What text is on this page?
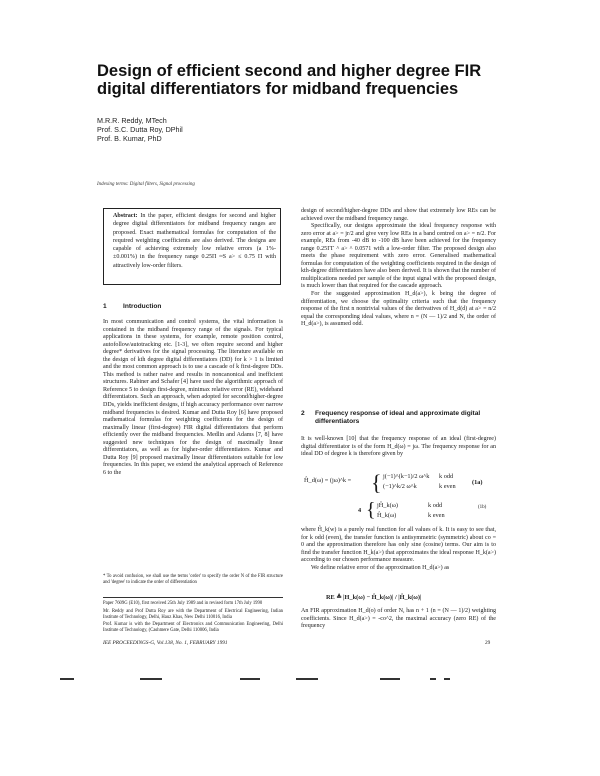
Design of efficient second and higher degree FIR digital differentiators for midband frequencies
M.R.R. Reddy, MTech
Prof. S.C. Dutta Roy, DPhil
Prof. B. Kumar, PhD
Indexing terms: Digital filters, Signal processing
Abstract: In the paper, efficient designs for second and higher degree digital differentiators for midband frequency ranges are proposed. Exact mathematical formulas for computation of the required weighting coefficients are also derived. The designs are capable of achieving extremely low relative errors (a 1%- ±0.001%) in the frequency range 0.25Π ≈S a> ≤ 0.75 Π with attractively low-order filters.
1 Introduction
In most communication and control systems, the vital information is contained in the midband frequency range of the signals. For typical applications in these systems, for example, remote position control, autofollow/autotracking etc. [1-3], we often require second and higher degree* derivatives for the signal processing. The literature available on the design of kth degree digital differentiators (DD) for k > 1 is limited and the most common approach is to use a cascade of k first-degree DDs. This method is rather naive and results in noncanonical and inefficient structures. Rabiner and Schafer [4] have used the algorithmic approach of Reference 5 to design first-degree, minimax relative error (RE), wideband differentiators. Such an approach, when adopted for second/higher-degree DDs, yields inefficient designs, if high accuracy performance over narrow midband frequencies is desired. Kumar and Dutta Roy [6] have proposed mathematical formulas for weighting coefficients for the design of maximally linear (first-degree) FIR digital differentiators that perform efficiently over the midband frequencies. Medlin and Adams [7, 8] have suggested new techniques for the design of maximally linear differentiators, as well as for higher-order differentiators. Kumar and Dutta Roy [9] proposed maximally linear differentiators suitable for low frequencies. In this paper, we extend the analytical approach of Reference 6 to the
* To avoid confusion, we shall use the terms 'order' to specify the order N of the FIR structure and 'degree' to indicate the order of differentiation
Paper 7609G (E10), first received 25th July 1989 and in revised form 17th July 1990
Mr. Reddy and Prof Dutta Roy are with the Department of Electrical Engineering, Indian Institute of Technology, Delhi, Hauz Khas, New Delhi 110016, India
Prof. Kumar is with the Department of Electronics and Communication Engineering, Delhi Institute of Technology, (Cashmere Gate, Delhi 110006, India
IEE PROCEEDINGS-G, Vol.138, No. 1, FEBRUARY 1991
design of second/higher-degree DDs and show that extremely low REs can be achieved over the midband frequency range.
Specifically, our designs approximate the ideal frequency response with zero error at a> = jr/2 and give very low REs in a band centred on a> = n/2. For example, REs from -40 dB to -100 dB have been achieved for the frequency range 0.25ΓΓ ^ a> ^ 0.0571 with a low-order filter. The proposed design also meets the phase requirement with zero error. Generalised mathematical formulas for computation of the weighting coefficients required in the design of kth-degree differentiators have also been derived. It is shown that the number of multiplications needed per sample of the input signal with the proposed design, is much lower than that required for the cascade approach.
For the suggested approximation H_d(a>), k being the degree of differentiation, we choose the optimality criteria such that the frequency response of the first n nontrivial values of the derivatives of H_d(d) at a> = n/2 equal the corresponding ideal values, where n = (N — 1)/2 and N, the order of H_d(a>), is assumed odd.
2	Frequency response of ideal and approximate digital differentiators
It is well-known [10] that the frequency response of an ideal (first-degree) digital differentiator is of the form H_d(ω) = jω. The frequency response for an ideal DD of degree k is therefore given by
Ĥ_d(ω) = (jω)^k = { j(−1)^(k−1)/2 ω^k k odd
(−1)^k/2 ω^k	k even
(1a)
4 { jĤ_k(ω)	k odd
Ĥ_k(ω)	k even
(1b)
where Ĥ_k(w) is a purely real function for all values of k. It is easy to see that, for k odd (even), the transfer function is antisymmetric (symmetric) about co = 0 and the approximation therefore has only sine (cosine) terms. Our aim is to find the transfer function H_k(a>) that approximates the ideal response H_k(a>) according to our chosen performance measure.
We define relative error of the approximation H_d(a>) as
RE ≜ |H_k(ω) − Ĥ_k(ω)| / |Ĥ_k(ω)|
An FIR approximation H_d(o) of order N, has n + 1 (n = (N — 1)/2) weighting coefficients. Since H_d(a>) = -co^2, the maximal accuracy (zero RE) of the frequency
29
